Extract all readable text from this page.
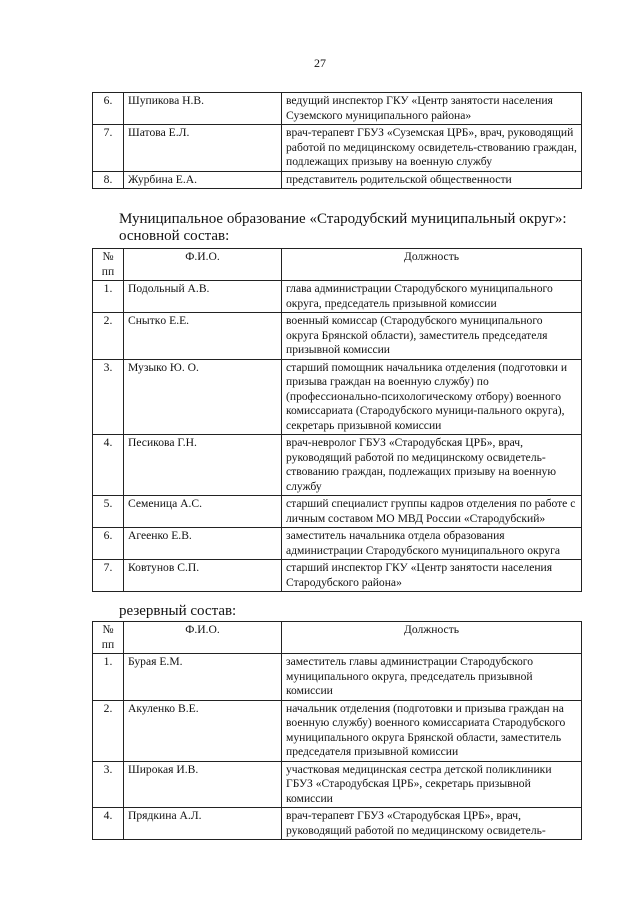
27
6.	Шупикова Н.В.	ведущий инспектор ГКУ «Центр занятости населения Суземского муниципального района»
7.	Шатова Е.Л.	врач-терапевт ГБУЗ «Суземская ЦРБ», врач, руководящий работой по медицинскому освидетель-ствованию граждан, подлежащих призыву на военную службу
8.	Журбина Е.А.	представитель родительской общественности
Муниципальное образование «Стародубский муниципальный округ»: основной состав:
№ пп	Ф.И.О.	Должность
1.	Подольный А.В.	глава администрации Стародубского муниципального округа, председатель призывной комиссии
2.	Сныткo Е.Е.	военный комиссар (Стародубского муниципального округа Брянской области), заместитель председателя призывной комиссии
3.	Музыко Ю. О.	старший помощник начальника отделения (подготовки и призыва граждан на военную службу) по (профессионально-психологическому отбору) военного комиссариата (Стародубского муници-пального округа), секретарь призывной комиссии
4.	Песикова Г.Н.	врач-невролог ГБУЗ «Стародубская ЦРБ», врач, руководящий работой по медицинскому освидетель-ствованию граждан, подлежащих призыву на военную службу
5.	Семеница А.С.	старший специалист группы кадров отделения по работе с личным составом МО МВД России «Стародубский»
6.	Агеенко Е.В.	заместитель начальника отдела образования администрации Стародубского муниципального округа
7.	Ковтунов С.П.	старший инспектор ГКУ «Центр занятости населения Стародубского района»
резервный состав:
№ пп	Ф.И.О.	Должность
1.	Бурая Е.М.	заместитель главы администрации Стародубского муниципального округа, председатель призывной комиссии
2.	Акуленко В.Е.	начальник отделения (подготовки и призыва граждан на военную службу) военного комиссариата Стародубского муниципального округа Брянской области, заместитель председателя призывной комиссии
3.	Широкая И.В.	участковая медицинская сестра детской поликлиники ГБУЗ «Стародубская ЦРБ», секретарь призывной комиссии
4.	Прядкина А.Л.	врач-терапевт ГБУЗ «Стародубская ЦРБ», врач, руководящий работой по медицинскому освидетель-
